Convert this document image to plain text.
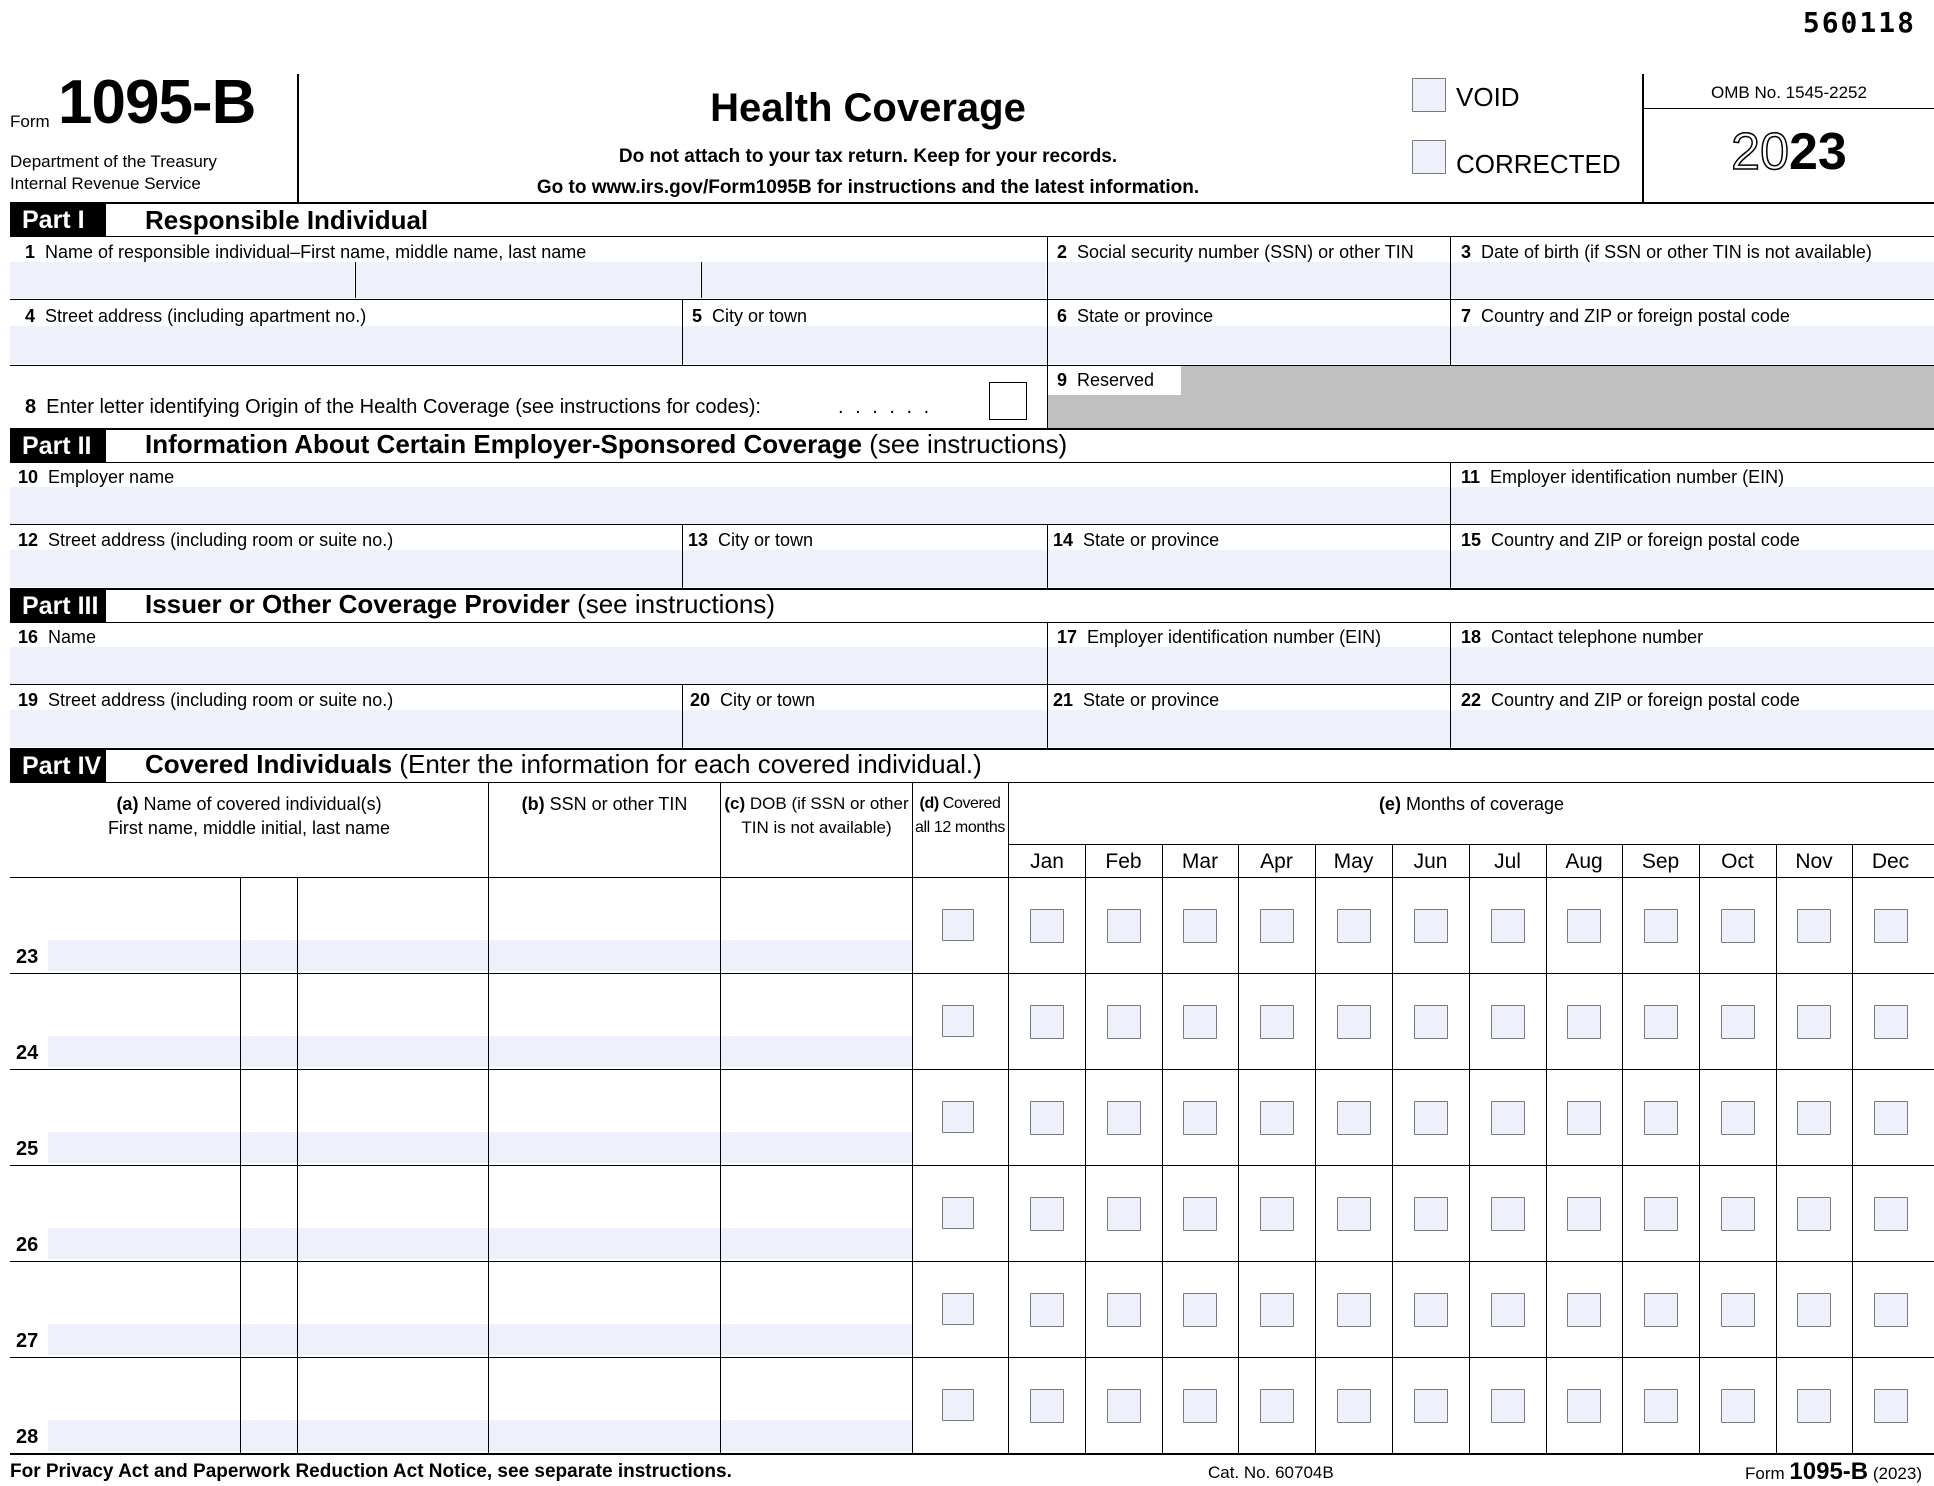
560118
Form 1095-B
Department of the Treasury
Internal Revenue Service
Health Coverage
Do not attach to your tax return. Keep for your records.
Go to www.irs.gov/Form1095B for instructions and the latest information.
VOID
CORRECTED
OMB No. 1545-2252
2023
Part I	Responsible Individual
1 Name of responsible individual–First name, middle name, last name	2 Social security number (SSN) or other TIN	3 Date of birth (if SSN or other TIN is not available)
4 Street address (including apartment no.)	5 City or town	6 State or province	7 Country and ZIP or foreign postal code
8 Enter letter identifying Origin of the Health Coverage (see instructions for codes):	. . . . . .
9 Reserved
Part II	Information About Certain Employer-Sponsored Coverage (see instructions)
10 Employer name	11 Employer identification number (EIN)
12 Street address (including room or suite no.)	13 City or town	14 State or province	15 Country and ZIP or foreign postal code
Part III Issuer or Other Coverage Provider (see instructions)
16 Name	17 Employer identification number (EIN)	18 Contact telephone number
19 Street address (including room or suite no.)	20 City or town	21 State or province	22 Country and ZIP or foreign postal code
Part IV Covered Individuals (Enter the information for each covered individual.)
(a) Name of covered individual(s)
First name, middle initial, last name
(b) SSN or other TIN	(c) DOB (if SSN or other
TIN is not available)
(d) Covered
all 12 months
(e) Months of coverage
Jan	Feb	Mar	Apr	May	Jun	Jul	Aug	Sep	Oct	Nov	Dec
23
24
25
26
27
28
For Privacy Act and Paperwork Reduction Act Notice, see separate instructions.	Cat. No. 60704B	Form 1095-B (2023)
